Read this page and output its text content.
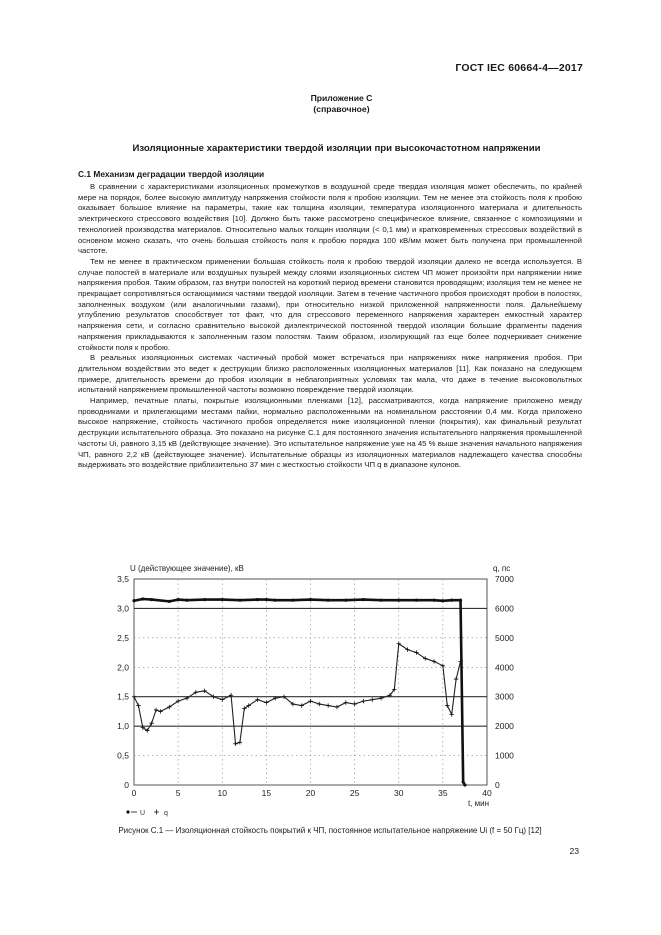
ГОСТ IEC 60664-4—2017
Приложение С
(справочное)
Изоляционные характеристики твердой изоляции при высокочастотном напряжении
С.1 Механизм деградации твердой изоляции

В сравнении с характеристиками изоляционных промежутков в воздушной среде твердая изоляция может обеспечить, по крайней мере на порядок, более высокую амплитуду напряжения стойкости поля к пробою изоляции. Тем не менее эта стойкость поля к пробою оказывает большое влияние на параметры, такие как толщина изоляции, температура изоляционного материала и длительность электрического стрессового воздействия [10]. Должно быть также рассмотрено специфическое влияние, связанное с композициями и технологией производства материалов. Относительно малых толщин изоляции (< 0,1 мм) и кратковременных стрессовых воздействий в основном можно сказать, что очень большая стойкость поля к пробою порядка 100 кВ/мм может быть получена при промышленной частоте.

Тем не менее в практическом применении большая стойкость поля к пробою твердой изоляции далеко не всегда используется. В случае полостей в материале или воздушных пузырей между слоями изоляционных систем ЧП может произойти при напряжении ниже напряжения пробоя. Таким образом, газ внутри полостей на короткий период времени становится проводящим; изоляция тем не менее не прекращает сопротивляться остающимися частями твердой изоляции. Затем в течение частичного пробоя происходят пробои в полостях, заполненных воздухом (или аналогичными газами), при относительно низкой приложенной напряженности поля. Дальнейшему углублению результатов способствует тот факт, что для стрессового переменного напряжения характерен емкостный характер напряжения сети, и согласно сравнительно высокой диэлектрической постоянной твердой изоляции большие фрагменты падения напряжения прикладываются к заполненным газом полостям. Таким образом, изолирующий газ еще более подчеркивает снижение стойкости поля к пробою.

В реальных изоляционных системах частичный пробой может встречаться при напряжениях ниже напряжения пробоя. При длительном воздействии это ведет к деструкции близко расположенных изоляционных материалов [11]. Как показано на следующем примере, длительность времени до пробоя изоляции в неблагоприятных условиях так мала, что даже в течение высоковольтных испытаний напряжением промышленной частоты возможно повреждение твердой изоляции.

Например, печатные платы, покрытые изоляционными пленками [12], рассматриваются, когда напряжение приложено между проводниками и прилегающими местами пайки, нормально расположенными на номинальном расстоянии 0,4 мм. Когда приложено высокое напряжение, стойкость частичного пробоя определяется ниже изоляционной пленки (покрытия), как финальный результат деструкции испытательного образца. Это показано на рисунке С.1 для постоянного значения испытательного напряжения промышленной частоты Ui, равного 3,15 кВ (действующее значение). Это испытательное напряжение уже на 45 % выше значения начального напряжения ЧП, равного 2,2 кВ (действующее значение). Испытательные образцы из изоляционных материалов надлежащего качества способны выдерживать это воздействие приблизительно 37 мин с жесткостью стойкости ЧП q в диапазоне кулонов.

0	5	10	15	20	25	30	35	40
0
0,5
1,0
1,5
2,0
2,5
3,0
3,5
0
1000
2000
3000
4000
5000
6000
7000
U (действующее значение), кВ	q, пс
t, мин
U	q
Рисунок С.1 — Изоляционная стойкость покрытий к ЧП, постоянное испытательное напряжение Ui (f = 50 Гц) [12]
23
